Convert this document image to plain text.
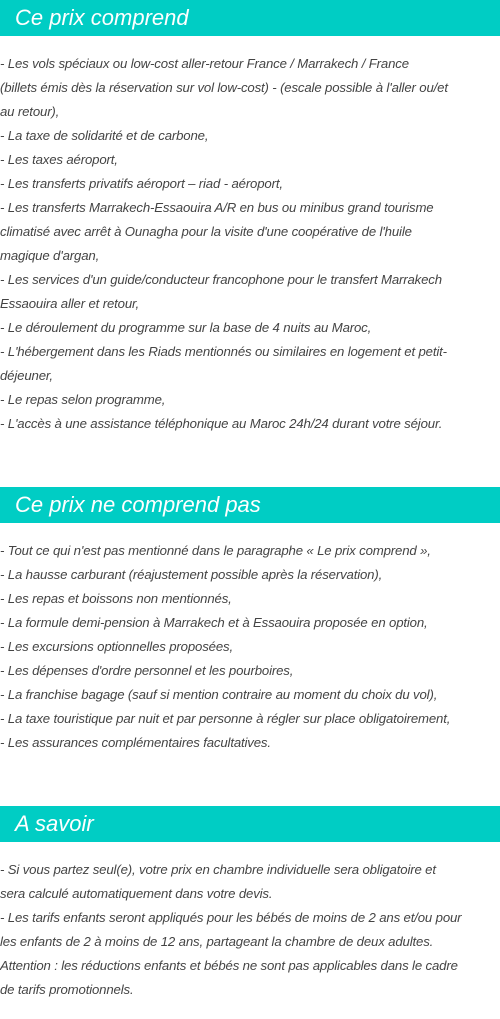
Ce prix comprend
- Les vols spéciaux ou low-cost aller-retour France / Marrakech / France
(billets émis dès la réservation sur vol low-cost) - (escale possible à l'aller ou/et
au retour),
- La taxe de solidarité et de carbone,
- Les taxes aéroport,
- Les transferts privatifs aéroport – riad - aéroport,
- Les transferts Marrakech-Essaouira A/R en bus ou minibus grand tourisme
climatisé avec arrêt à Ounagha pour la visite d'une coopérative de l'huile
magique d'argan,
- Les services d'un guide/conducteur francophone pour le transfert Marrakech
Essaouira aller et retour,
- Le déroulement du programme sur la base de 4 nuits au Maroc,
- L'hébergement dans les Riads mentionnés ou similaires en logement et petit-
déjeuner,
- Le repas selon programme,
- L'accès à une assistance téléphonique au Maroc 24h/24 durant votre séjour.
Ce prix ne comprend pas
- Tout ce qui n'est pas mentionné dans le paragraphe « Le prix comprend »,
- La hausse carburant (réajustement possible après la réservation),
- Les repas et boissons non mentionnés,
- La formule demi-pension à Marrakech et à Essaouira proposée en option,
- Les excursions optionnelles proposées,
- Les dépenses d'ordre personnel et les pourboires,
- La franchise bagage (sauf si mention contraire au moment du choix du vol),
- La taxe touristique par nuit et par personne à régler sur place obligatoirement,
- Les assurances complémentaires facultatives.
A savoir
- Si vous partez seul(e), votre prix en chambre individuelle sera obligatoire et
sera calculé automatiquement dans votre devis.
- Les tarifs enfants seront appliqués pour les bébés de moins de 2 ans et/ou pour
les enfants de 2 à moins de 12 ans, partageant la chambre de deux adultes.
Attention : les réductions enfants et bébés ne sont pas applicables dans le cadre
de tarifs promotionnels.
